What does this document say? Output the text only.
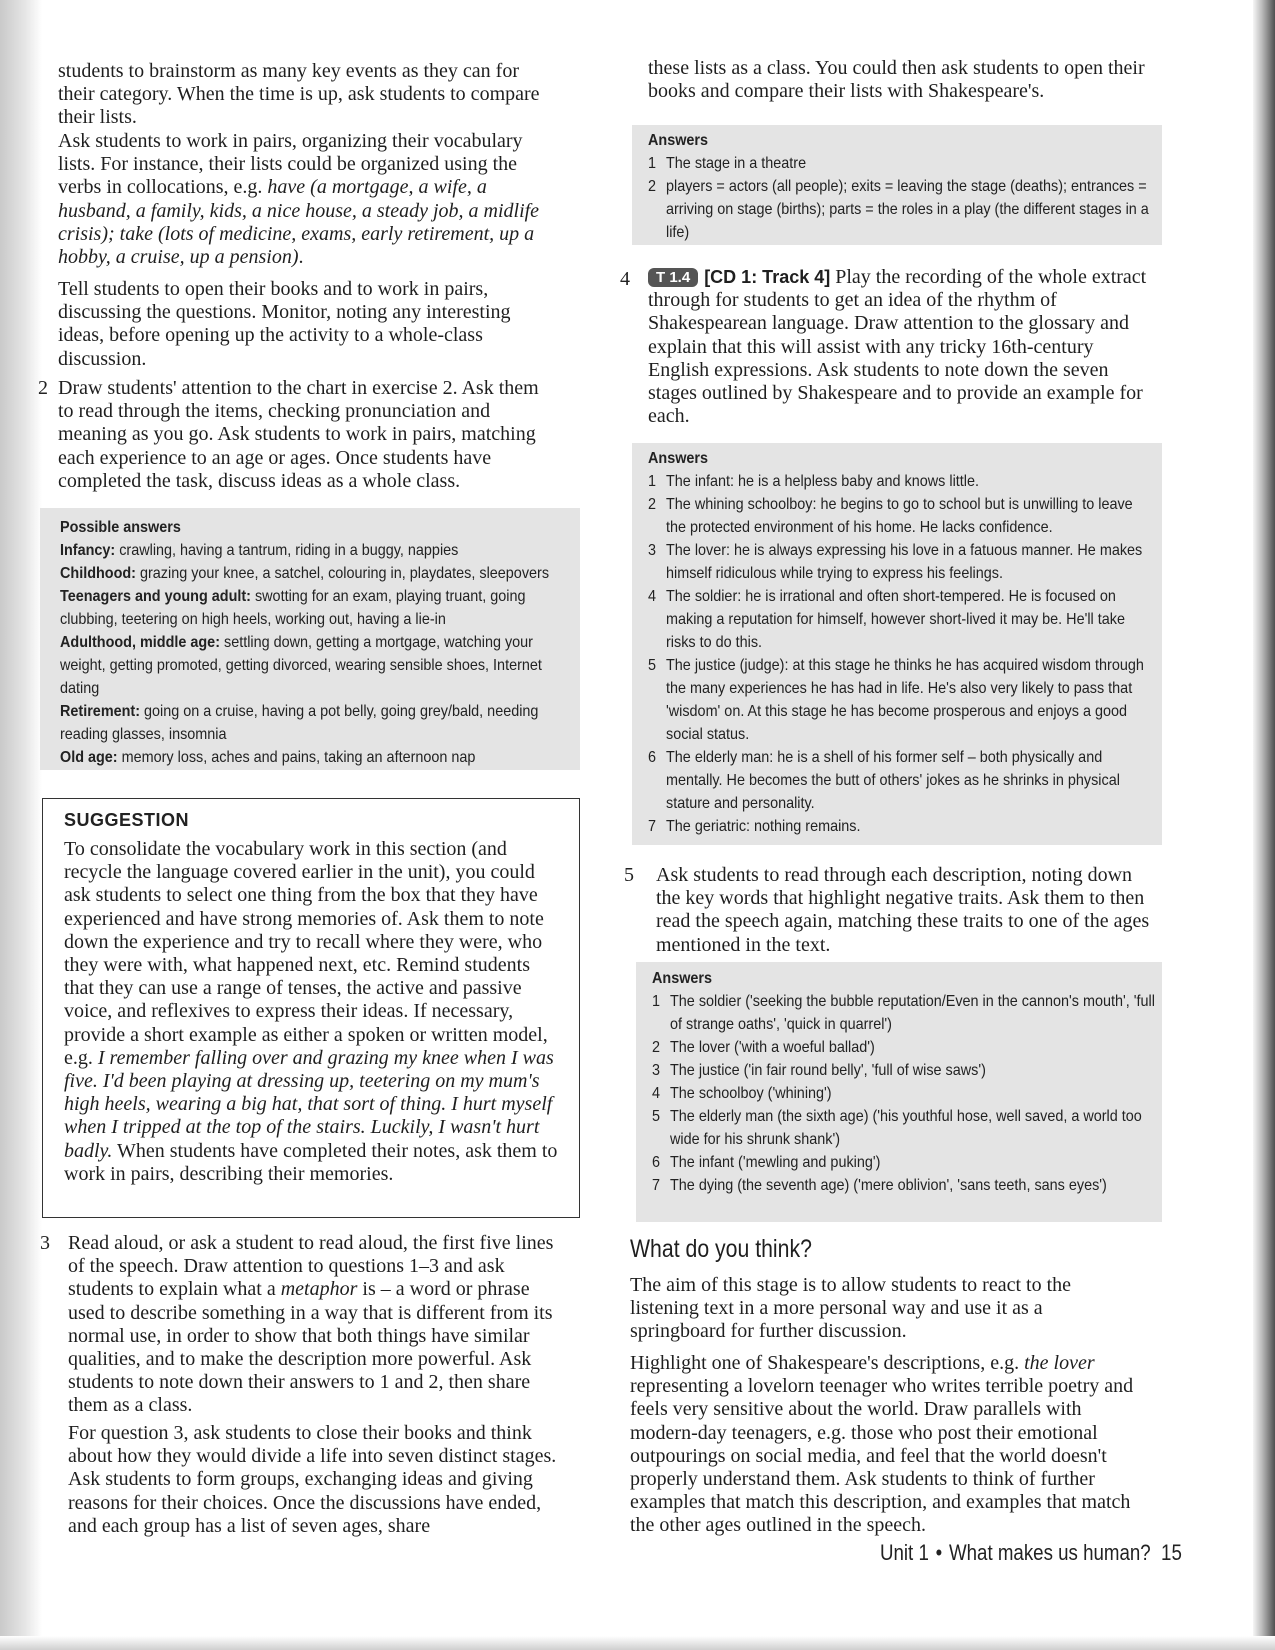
students to brainstorm as many key events as they can for their category. When the time is up, ask students to compare their lists.

Ask students to work in pairs, organizing their vocabulary lists. For instance, their lists could be organized using the verbs in collocations, e.g. have (a mortgage, a wife, a husband, a family, kids, a nice house, a steady job, a midlife crisis); take (lots of medicine, exams, early retirement, up a hobby, a cruise, up a pension).

Tell students to open their books and to work in pairs, discussing the questions. Monitor, noting any interesting ideas, before opening up the activity to a whole-class discussion.

2 Draw students' attention to the chart in exercise 2. Ask them to read through the items, checking pronunciation and meaning as you go. Ask students to work in pairs, matching each experience to an age or ages. Once students have completed the task, discuss ideas as a whole class.

Possible answers
Infancy: crawling, having a tantrum, riding in a buggy, nappies
Childhood: grazing your knee, a satchel, colouring in, playdates, sleepovers
Teenagers and young adult: swotting for an exam, playing truant, going clubbing, teetering on high heels, working out, having a lie-in
Adulthood, middle age: settling down, getting a mortgage, watching your weight, getting promoted, getting divorced, wearing sensible shoes, Internet dating
Retirement: going on a cruise, having a pot belly, going grey/bald, needing reading glasses, insomnia
Old age: memory loss, aches and pains, taking an afternoon nap
SUGGESTION

To consolidate the vocabulary work in this section (and recycle the language covered earlier in the unit), you could ask students to select one thing from the box that they have experienced and have strong memories of. Ask them to note down the experience and try to recall where they were, who they were with, what happened next, etc. Remind students that they can use a range of tenses, the active and passive voice, and reflexives to express their ideas. If necessary, provide a short example as either a spoken or written model, e.g. I remember falling over and grazing my knee when I was five. I'd been playing at dressing up, teetering on my mum's high heels, wearing a big hat, that sort of thing. I hurt myself when I tripped at the top of the stairs. Luckily, I wasn't hurt badly. When students have completed their notes, ask them to work in pairs, describing their memories.

3 Read aloud, or ask a student to read aloud, the first five lines of the speech. Draw attention to questions 1–3 and ask students to explain what a metaphor is – a word or phrase used to describe something in a way that is different from its normal use, in order to show that both things have similar qualities, and to make the description more powerful. Ask students to note down their answers to 1 and 2, then share them as a class.

For question 3, ask students to close their books and think about how they would divide a life into seven distinct stages. Ask students to form groups, exchanging ideas and giving reasons for their choices. Once the discussions have ended, and each group has a list of seven ages, share

these lists as a class. You could then ask students to open their books and compare their lists with Shakespeare's.

Answers
1 The stage in a theatre
2 players = actors (all people); exits = leaving the stage (deaths); entrances = arriving on stage (births); parts = the roles in a play (the different stages in a life)
4	T 1.4 [CD 1: Track 4] Play the recording of the whole extract through for students to get an idea of the rhythm of Shakespearean language. Draw attention to the glossary and explain that this will assist with any tricky 16th-century English expressions. Ask students to note down the seven stages outlined by Shakespeare and to provide an example for each.

Answers
1 The infant: he is a helpless baby and knows little.
2 The whining schoolboy: he begins to go to school but is unwilling to leave the protected environment of his home. He lacks confidence.
3 The lover: he is always expressing his love in a fatuous manner. He makes himself ridiculous while trying to express his feelings.
4 The soldier: he is irrational and often short-tempered. He is focused on making a reputation for himself, however short-lived it may be. He'll take risks to do this.
5 The justice (judge): at this stage he thinks he has acquired wisdom through the many experiences he has had in life. He's also very likely to pass that 'wisdom' on. At this stage he has become prosperous and enjoys a good social status.
6 The elderly man: he is a shell of his former self – both physically and mentally. He becomes the butt of others' jokes as he shrinks in physical stature and personality.
7 The geriatric: nothing remains.
5 Ask students to read through each description, noting down the key words that highlight negative traits. Ask them to then read the speech again, matching these traits to one of the ages mentioned in the text.

Answers
1 The soldier ('seeking the bubble reputation/Even in the cannon's mouth', 'full of strange oaths', 'quick in quarrel')
2 The lover ('with a woeful ballad')
3 The justice ('in fair round belly', 'full of wise saws')
4 The schoolboy ('whining')
5 The elderly man (the sixth age) ('his youthful hose, well saved, a world too wide for his shrunk shank')
6 The infant ('mewling and puking')
7 The dying (the seventh age) ('mere oblivion', 'sans teeth, sans eyes')
What do you think?

The aim of this stage is to allow students to react to the listening text in a more personal way and use it as a springboard for further discussion.

Highlight one of Shakespeare's descriptions, e.g. the lover representing a lovelorn teenager who writes terrible poetry and feels very sensitive about the world. Draw parallels with modern-day teenagers, e.g. those who post their emotional outpourings on social media, and feel that the world doesn't properly understand them. Ask students to think of further examples that match this description, and examples that match the other ages outlined in the speech.

Unit 1 • What makes us human? 15
